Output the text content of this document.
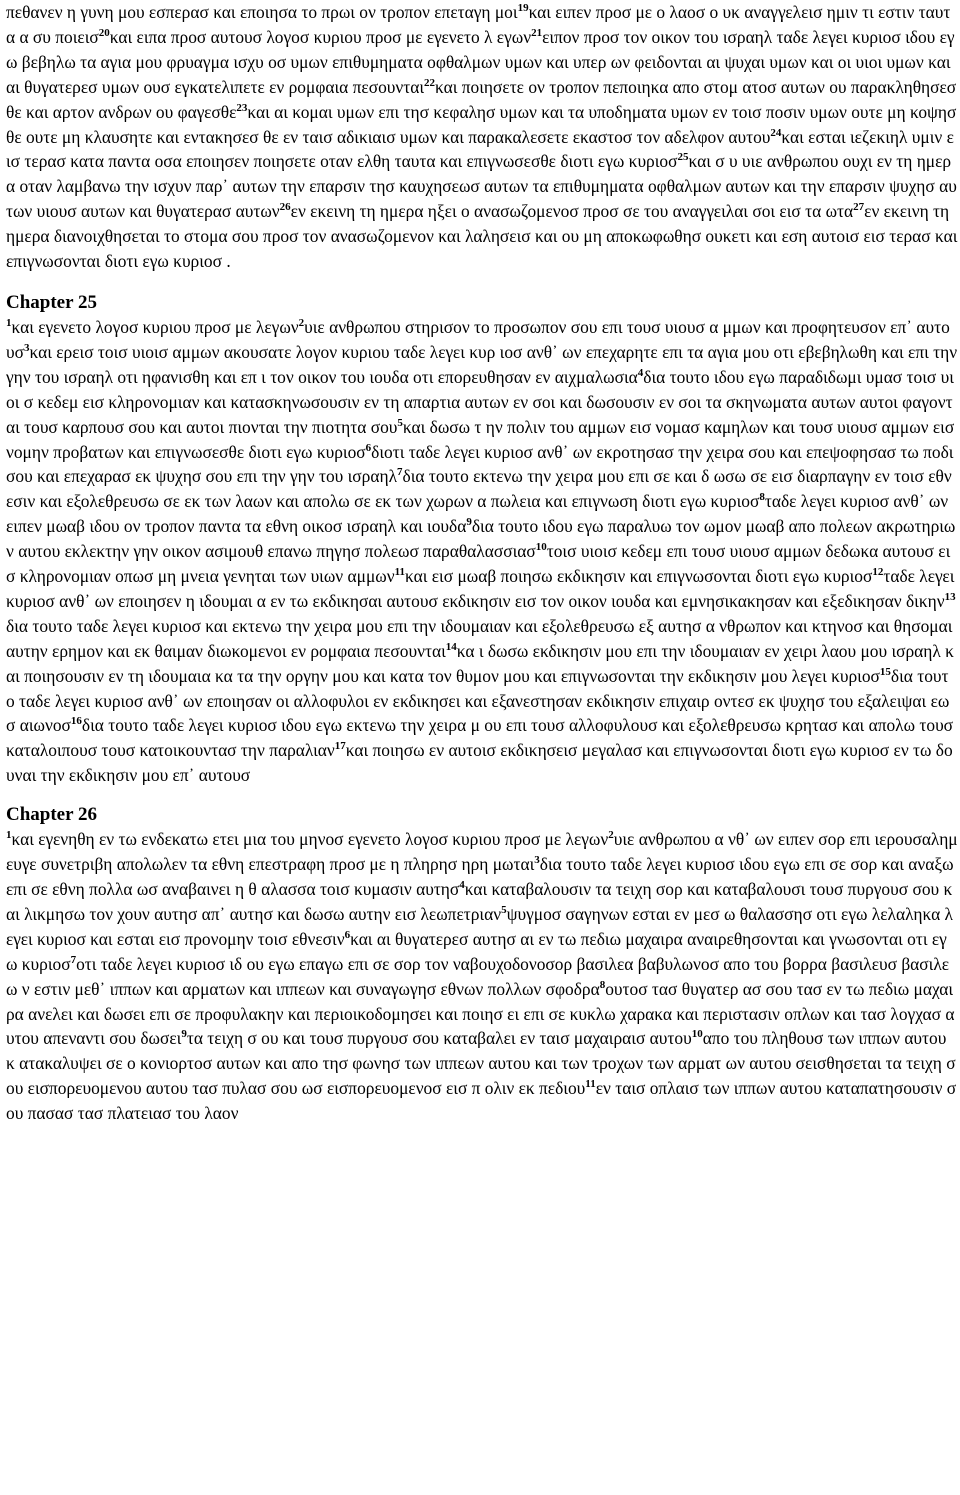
πεθανεν η γυνη μου εσπερασ και εποιησα το πρωι ον τροπον επεταγη μοι$^{19}$και ειπεν προσ με ο λαοσ ο υκ αναγγελεισ ημιν τι εστιν ταυτα α συ ποιεισ$^{20}$και ειπα προσ αυτουσ λογοσ κυριου προσ με εγενετο λ εγων$^{21}$ειπον προσ τον οικον του ισραηλ ταδε λεγει κυριοσ ιδου εγω βεβηλω τα αγια μου φρυαγμα ισχυ οσ υμων επιθυμηματα οφθαλμων υμων και υπερ ων φειδονται αι ψυχαι υμων και οι υιοι υμων και αι θυγατερεσ υμων ουσ εγκατελιπετε εν ρομφαια πεσουνται$^{22}$και ποιησετε ον τροπον πεποιηκα απο στομ ατοσ αυτων ου παρακληθησεσθε και αρτον ανδρων ου φαγεσθε$^{23}$και αι κομαι υμων επι τησ κεφαλησ υμων και τα υποδηματα υμων εν τοισ ποσιν υμων ουτε μη κοψησθε ουτε μη κλαυσητε και εντακησεσ θε εν ταισ αδικιαισ υμων και παρακαλεσετε εκαστοσ τον αδελφον αυτου$^{24}$και εσται ιεζεκιηλ υμιν εισ τερασ κατα παντα οσα εποιησεν ποιησετε οταν ελθη ταυτα και επιγνωσεσθε διοτι εγω κυριοσ$^{25}$και σ υ υιε ανθρωπου ουχι εν τη ημερα οταν λαμβανω την ισχυν παρ᾽ αυτων την επαρσιν τησ καυχησεωσ αυτων τα επιθυμηματα οφθαλμων αυτων και την επαρσιν ψυχησ αυτων υιουσ αυτων και θυγατερασ αυτων$^{26}$εν εκεινη τη ημερα ηξει ο ανασωζομενοσ προσ σε του αναγγειλαι σοι εισ τα ωτα$^{27}$εν εκεινη τη ημερα διανοιχθησεται το στομα σου προσ τον ανασωζομενον και λαλησεισ και ου μη αποκωφωθησ ουκετι και εση αυτοισ εισ τερασ και επιγνωσονται διοτι εγω κυριοσ .
Chapter 25
$^1$και εγενετο λογοσ κυριου προσ με λεγων$^2$υιε ανθρωπου στηρισον το προσωπον σου επι τουσ υιουσ α μμων και προφητευσον επ᾽ αυτουσ$^3$και ερεισ τοισ υιοισ αμμων ακουσατε λογον κυριου ταδε λεγει κυρ ιοσ ανθ᾽ ων επεχαρητε επι τα αγια μου οτι εβεβηλωθη και επι την γην του ισραηλ οτι ηφανισθη και επ ι τον οικον του ιουδα οτι επορευθησαν εν αιχμαλωσια$^4$δια τουτο ιδου εγω παραδιδωμι υμασ τοισ υιοι σ κεδεμ εισ κληρονομιαν και κατασκηνωσουσιν εν τη απαρτια αυτων εν σοι και δωσουσιν εν σοι τα σκηνωματα αυτων αυτοι φαγονται τουσ καρπουσ σου και αυτοι πιονται την πιοτητα σου$^5$και δωσω τ ην πολιν του αμμων εισ νομασ καμηλων και τουσ υιουσ αμμων εισ νομην προβατων και επιγνωσεσθε διοτι εγω κυριοσ$^6$διοτι ταδε λεγει κυριοσ ανθ᾽ ων εκροτησασ την χειρα σου και επεψοφησασ τω ποδι σου και επεχαρασ εκ ψυχησ σου επι την γην του ισραηλ$^7$δια τουτο εκτενω την χειρα μου επι σε και δ ωσω σε εισ διαρπαγην εν τοισ εθνεσιν και εξολεθρευσω σε εκ των λαων και απολω σε εκ των χωρων α πωλεια και επιγνωση διοτι εγω κυριοσ$^8$ταδε λεγει κυριοσ ανθ᾽ ων ειπεν μωαβ ιδου ον τροπον παντα τα εθνη οικοσ ισραηλ και ιουδα$^9$δια τουτο ιδου εγω παραλυω τον ωμον μωαβ απο πολεων ακρωτηριων αυτου εκλεκτην γην οικον ασιμουθ επανω πηγησ πολεωσ παραθαλασσιασ$^{10}$τοισ υιοισ κεδεμ επι τουσ υιουσ αμμων δεδωκα αυτουσ εισ κληρονομιαν οπωσ μη μνεια γενηται των υιων αμμων$^{11}$και εισ μωαβ ποιησω εκδικησιν και επιγνωσονται διοτι εγω κυριοσ$^{12}$ταδε λεγει κυριοσ ανθ᾽ ων εποιησεν η ιδουμαι α εν τω εκδικησαι αυτουσ εκδικησιν εισ τον οικον ιουδα και εμνησικακησαν και εξεδικησαν δικην$^{13}$δια τουτο ταδε λεγει κυριοσ και εκτενω την χειρα μου επι την ιδουμαιαν και εξολεθρευσω εξ αυτησ α νθρωπον και κτηνοσ και θησομαι αυτην ερημον και εκ θαιμαν διωκομενοι εν ρομφαια πεσουνται$^{14}$κα ι δωσω εκδικησιν μου επι την ιδουμαιαν εν χειρι λαου μου ισραηλ και ποιησουσιν εν τη ιδουμαια κα τα την οργην μου και κατα τον θυμον μου και επιγνωσονται την εκδικησιν μου λεγει κυριοσ$^{15}$δια τουτ ο ταδε λεγει κυριοσ ανθ᾽ ων εποιησαν οι αλλοφυλοι εν εκδικησει και εξανεστησαν εκδικησιν επιχαιρ οντεσ εκ ψυχησ του εξαλειψαι εωσ αιωνοσ$^{16}$δια τουτο ταδε λεγει κυριοσ ιδου εγω εκτενω την χειρα μ ου επι τουσ αλλοφυλουσ και εξολεθρευσω κρητασ και απολω τουσ καταλοιπουσ τουσ κατοικουντασ την παραλιαν$^{17}$και ποιησω εν αυτοισ εκδικησεισ μεγαλασ και επιγνωσονται διοτι εγω κυριοσ εν τω δο υναι την εκδικησιν μου επ᾽ αυτουσ
Chapter 26
$^1$και εγενηθη εν τω ενδεκατω ετει μια του μηνοσ εγενετο λογοσ κυριου προσ με λεγων$^2$υιε ανθρωπου α νθ᾽ ων ειπεν σορ επι ιερουσαλημ ευγε συνετριβη απολωλεν τα εθνη επεστραφη προσ με η πληρησ ηρη μωται$^3$δια τουτο ταδε λεγει κυριοσ ιδου εγω επι σε σορ και αναξω επι σε εθνη πολλα ωσ αναβαινει η θ αλασσα τοισ κυμασιν αυτησ$^4$και καταβαλουσιν τα τειχη σορ και καταβαλουσι τουσ πυργουσ σου κ αι λικμησω τον χουν αυτησ απ᾽ αυτησ και δωσω αυτην εισ λεωπετριαν$^5$ψυγμοσ σαγηνων εσται εν μεσ ω θαλασσησ οτι εγω λελαληκα λεγει κυριοσ και εσται εισ προνομην τοισ εθνεσιν$^6$και αι θυγατερεσ αυτησ αι εν τω πεδιω μαχαιρα αναιρεθησονται και γνωσονται οτι εγω κυριοσ$^7$οτι ταδε λεγει κυριοσ ιδ ου εγω επαγω επι σε σορ τον ναβουχοδονοσορ βασιλεα βαβυλωνοσ απο του βορρα βασιλευσ βασιλεω ν εστιν μεθ᾽ ιππων και αρματων και ιππεων και συναγωγησ εθνων πολλων σφοδρα$^8$ουτοσ τασ θυγατερ ασ σου τασ εν τω πεδιω μαχαιρα ανελει και δωσει επι σε προφυλακην και περιοικοδομησει και ποιησ ει επι σε κυκλω χαρακα και περιστασιν οπλων και τασ λογχασ αυτου απεναντι σου δωσει$^9$τα τειχη σ ου και τουσ πυργουσ σου καταβαλει εν ταισ μαχαιραισ αυτου$^{10}$απο του πληθουσ των ιππων αυτου κ ατακαλυψει σε ο κονιορτοσ αυτων και απο τησ φωνησ των ιππεων αυτου και των τροχων των αρματ ων αυτου σεισθησεται τα τειχη σου εισπορευομενου αυτου τασ πυλασ σου ωσ εισπορευομενοσ εισ π ολιν εκ πεδιου$^{11}$εν ταισ οπλαισ των ιππων αυτου καταπατησουσιν σου πασασ τασ πλατειασ του λαον
